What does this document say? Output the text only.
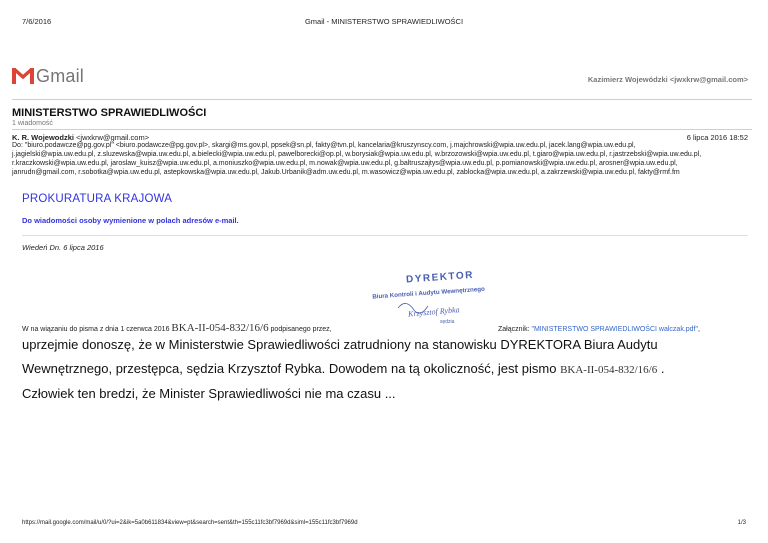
7/6/2016	Gmail - MINISTERSTWO SPRAWIEDLIWOŚCI
Gmail	Kazimierz Wojewódzki <jwxkrw@gmail.com>
MINISTERSTWO SPRAWIEDLIWOŚCI
1 wiadomość
K. R. Wojewodzki <jwxkrw@gmail.com>	6 lipca 2016 18:52
Do: "biuro.podawcze@pg.gov.pl" <biuro.podawcze@pg.gov.pl>, skargi@ms.gov.pl, ppsek@sn.pl, fakty@tvn.pl, kancelaria@kruszynscy.com, j.majchrowski@wpia.uw.edu.pl, jacek.lang@wpia.uw.edu.pl,
j.jagielski@wpia.uw.edu.pl, z.sluzewska@wpia.uw.edu.pl, a.bielecki@wpia.uw.edu.pl, pawelborecki@op.pl, w.borysiak@wpia.uw.edu.pl, w.brzozowski@wpia.uw.edu.pl, t.giaro@wpia.uw.edu.pl, r.jastrzebski@wpia.uw.edu.pl,
r.kraczkowski@wpia.uw.edu.pl, jaroslaw_kuisz@wpia.uw.edu.pl, a.moniuszko@wpia.uw.edu.pl, m.nowak@wpia.uw.edu.pl, g.baltruszajtys@wpia.uw.edu.pl, p.pomianowski@wpia.uw.edu.pl, arosner@wpia.uw.edu.pl,
janrudn@gmail.com, r.sobotka@wpia.uw.edu.pl, astepkowska@wpia.uw.edu.pl, Jakub.Urbanik@adm.uw.edu.pl, m.wasowicz@wpia.uw.edu.pl, zablocka@wpia.uw.edu.pl, a.zakrzewski@wpia.uw.edu.pl, fakty@rmf.fm
PROKURATURA KRAJOWA
Do wiadomości osoby wymienione w polach adresów e-mail.
Wiedeń Dn. 6 lipca 2016
DYREKTOR
Biura Kontroli i Audytu Wewnętrznego
Krzysztof Rybka
sędzia
W na wiązaniu do pisma z dnia 1 czerwca 2016 BKA-II-054-832/16/6 podpisanego przez,	Załącznik: "MINISTERSTWO SPRAWIEDLIWOŚCI walczak.pdf",
uprzejmie donoszę, że w Ministerstwie Sprawiedliwości zatrudniony na stanowisku DYREKTORA Biura Audytu
Wewnętrznego, przestępca, sędzia Krzysztof Rybka. Dowodem na tą okoliczność, jest pismo BKA-II-054-832/16/6 .
Człowiek ten bredzi, że Minister Sprawiedliwości nie ma czasu ...
https://mail.google.com/mail/u/0/?ui=2&ik=5a0b611834&view=pt&search=sent&th=155c11fc3bf7969d&siml=155c11fc3bf7969d	1/3
